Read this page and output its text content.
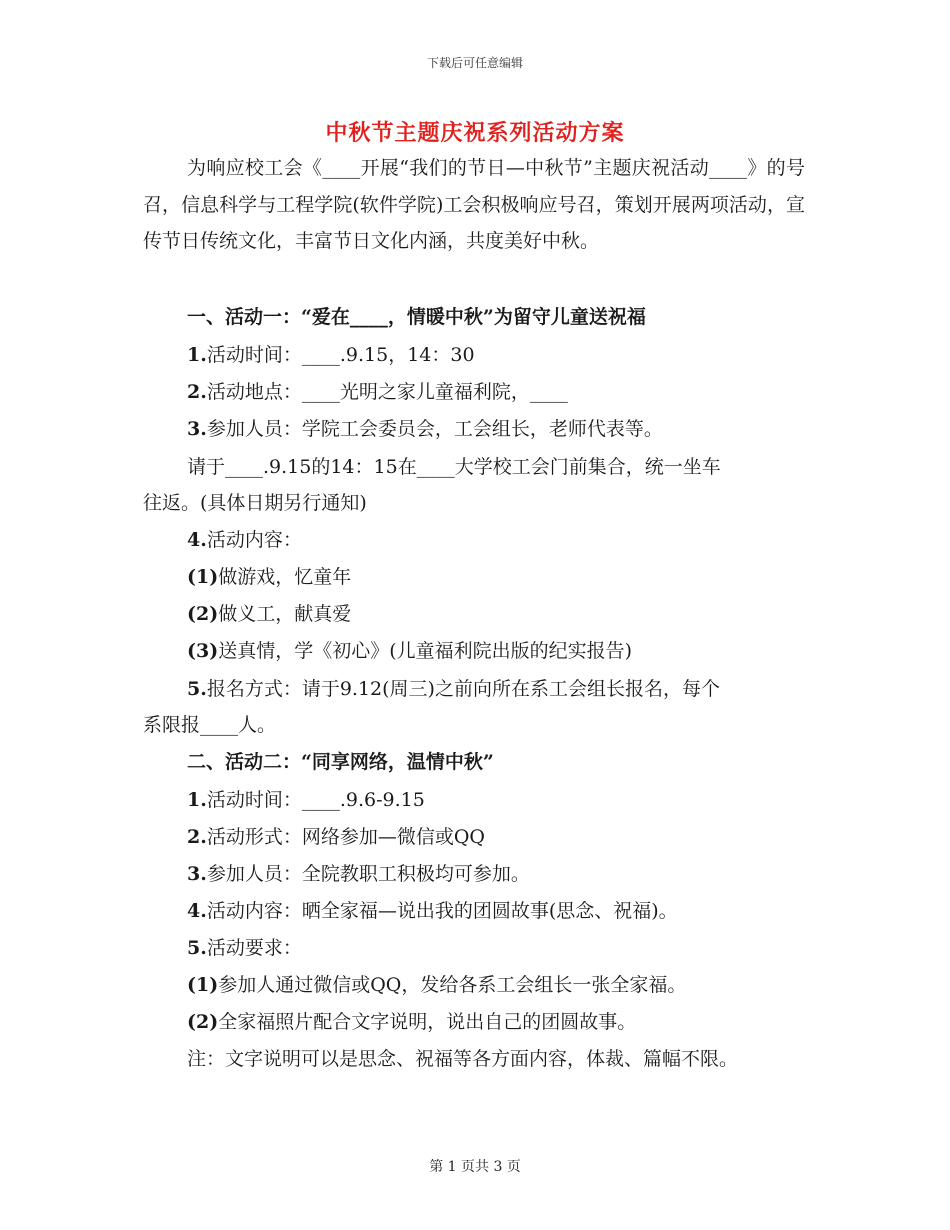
下载后可任意编辑
中秋节主题庆祝系列活动方案
为响应校工会《____开展“我们的节日—中秋节”主题庆祝活动____》的号召，信息科学与工程学院(软件学院)工会积极响应号召，策划开展两项活动，宣传节日传统文化，丰富节日文化内涵，共度美好中秋。
一、活动一：“爱在____，情暖中秋”为留守儿童送祝福
1.活动时间：____.9.15，14：30
2.活动地点：____光明之家儿童福利院，____
3.参加人员：学院工会委员会，工会组长，老师代表等。
请于____.9.15的14：15在____大学校工会门前集合，统一坐车
往返。(具体日期另行通知)
4.活动内容：
(1)做游戏，忆童年
(2)做义工，献真爱
(3)送真情，学《初心》(儿童福利院出版的纪实报告)
5.报名方式：请于9.12(周三)之前向所在系工会组长报名，每个
系限报____人。
二、活动二：“同享网络，温情中秋”
1.活动时间：____.9.6-9.15
2.活动形式：网络参加—微信或QQ
3.参加人员：全院教职工积极均可参加。
4.活动内容：晒全家福—说出我的团圆故事(思念、祝福)。
5.活动要求：
(1)参加人通过微信或QQ，发给各系工会组长一张全家福。
(2)全家福照片配合文字说明，说出自己的团圆故事。
注：文字说明可以是思念、祝福等各方面内容，体裁、篇幅不限。
第 1 页共 3 页
